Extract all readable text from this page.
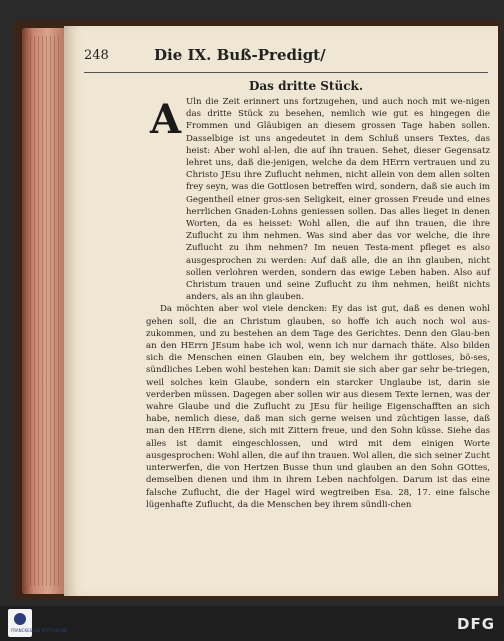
248	Die IX. Buß-Predigt/
Das dritte Stück.

Uln die Zeit erinnert uns fortzugehen, und auch noch mit we-nigen das dritte Stück zu besehen, nemlich wie gut es hingegen die Frommen und Gläubigen an diesem grossen Tage haben sollen. Dasselbige ist uns angedeutet in dem Schluß unsers Textes, das heist: Aber wohl al-len, die auf ihn trauen. Sehet, dieser Gegensatz lehret uns, daß die-jenigen, welche da dem HErrn vertrauen und zu Christo JEsu ihre Zuflucht nehmen, nicht allein von dem allen solten frey seyn, was die Gottlosen betreffen wird, sondern, daß sie auch im Gegentheil einer gros-sen Seligkeit, einer grossen Freude und eines herrlichen Gnaden-Lohns geniessen sollen. Das alles lieget in denen Worten, da es heisset: Wohl allen, die auf ihn trauen, die ihre Zuflucht zu ihm nehmen. Was sind aber das vor welche, die ihre Zuflucht zu ihm nehmen? Im neuen Testa-ment pfleget es also ausgesprochen zu werden: Auf daß alle, die an ihn glauben, nicht sollen verlohren werden, sondern das ewige Leben haben. Also auf Christum trauen und seine Zuflucht zu ihm nehmen, heißt nichts anders, als an ihn glauben.

Da möchten aber wol viele dencken: Ey das ist gut, daß es denen wohl gehen soll, die an Christum glauben, so hoffe ich auch noch wol aus-zukommen, und zu bestehen an dem Tage des Gerichtes. Denn den Glau-ben an den HErrn JEsum habe ich wol, wenn ich nur darnach thäte. Also bilden sich die Menschen einen Glauben ein, bey welchem ihr gottloses, bö-ses, sündliches Leben wohl bestehen kan: Damit sie sich aber gar sehr be-triegen, weil solches kein Glaube, sondern ein starcker Unglaube ist, darin sie verderben müssen. Dagegen aber sollen wir aus diesem Texte lernen, was der wahre Glaube und die Zuflucht zu JEsu für heilige Eigenschafften an sich habe, nemlich diese, daß man sich gerne weisen und züchtigen lasse, daß man den HErrn diene, sich mit Zittern freue, und den Sohn küsse. Siehe das alles ist damit eingeschlossen, und wird mit dem einigen Worte ausgesprochen: Wohl allen, die auf ihn trauen. Wol allen, die sich seiner Zucht unterwerfen, die von Hertzen Busse thun und glauben an den Sohn GOttes, demselben dienen und ihm in ihrem Leben nachfolgen. Darum ist das eine falsche Zuflucht, die der Hagel wird wegtreiben Esa. 28, 17. eine falsche lügenhafte Zuflucht, da die Menschen bey ihrem sündli-chen

A
FRANCKESCHE STIFTUNGEN	DFG
